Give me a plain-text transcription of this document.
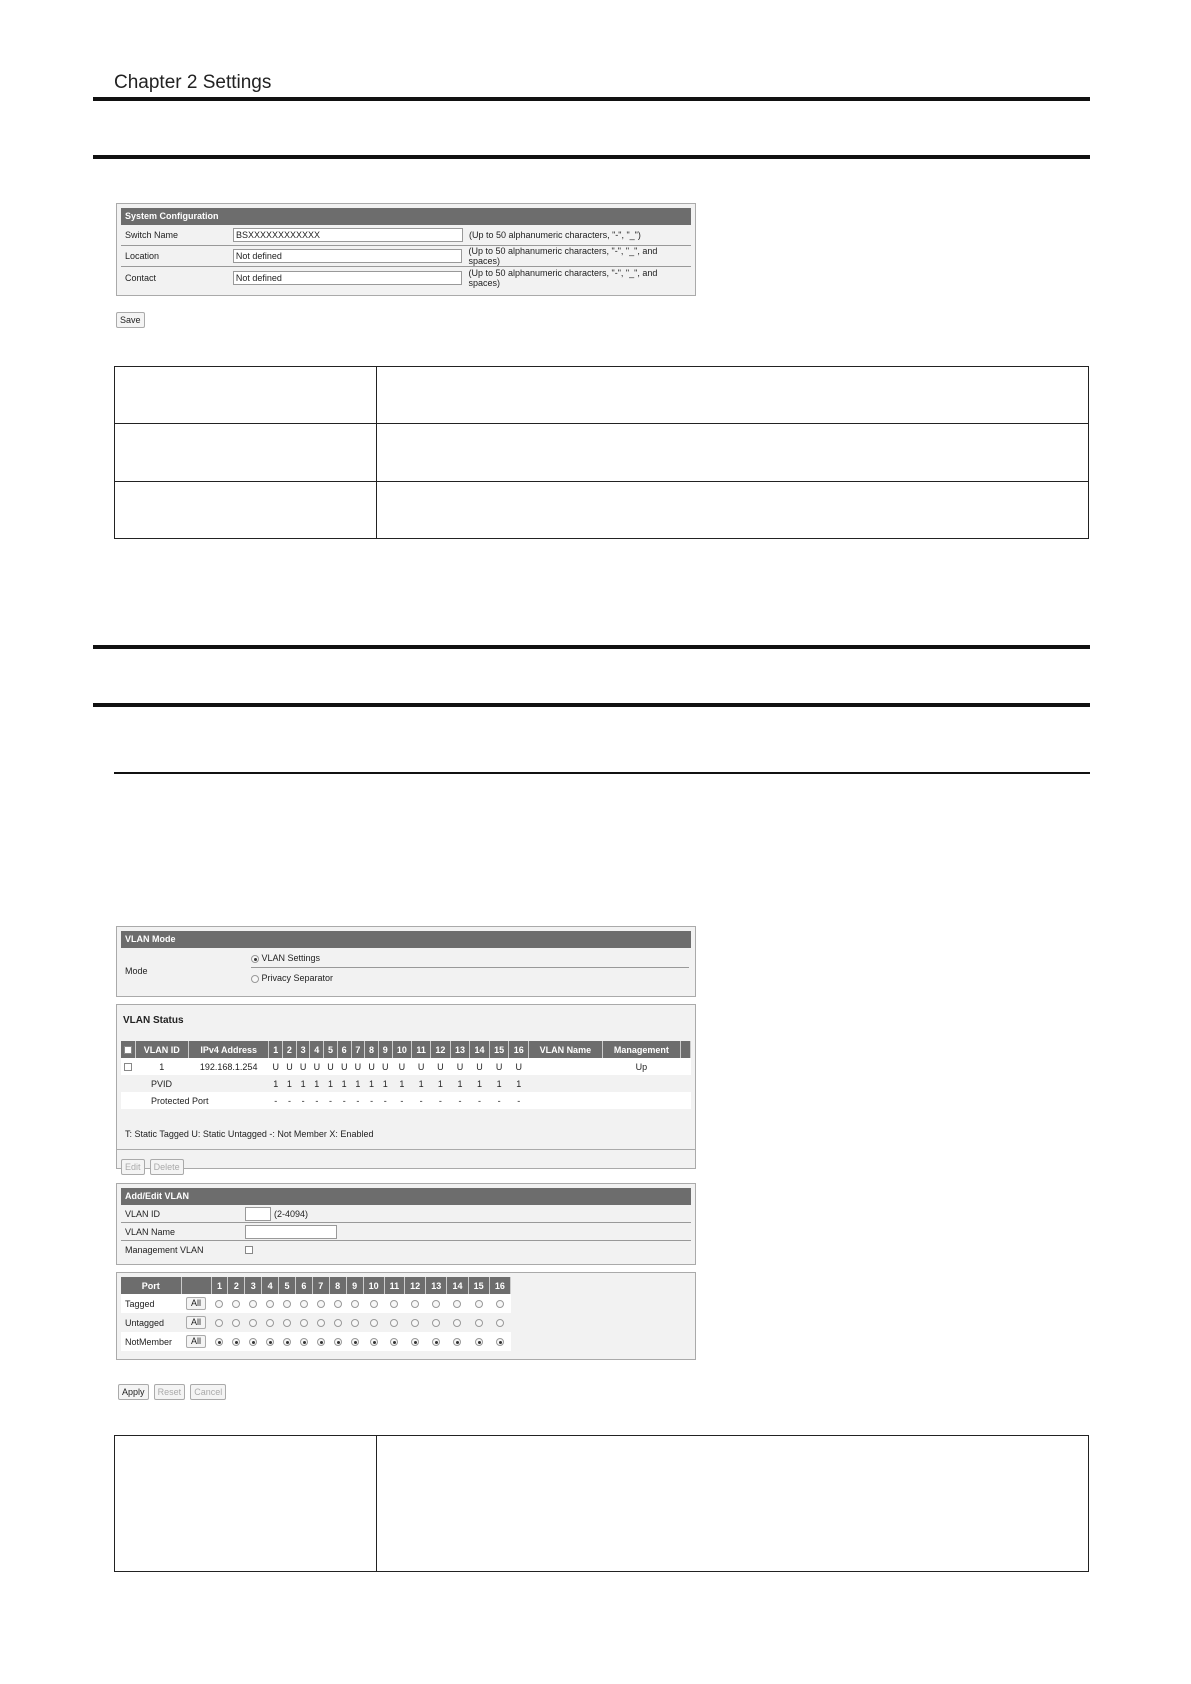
Chapter 2 Settings
System Configuration
Switch Name	BSXXXXXXXXXXXX	(Up to 50 alphanumeric characters, "-", "_")
Location	Not defined	(Up to 50 alphanumeric characters, "-", "_", and spaces)
Contact	Not defined	(Up to 50 alphanumeric characters, "-", "_", and spaces)
Save

VLAN Mode
Mode
VLAN Settings
Privacy Separator
VLAN Status
	VLAN ID	IPv4 Address	1	2	3	4	5	6	7	8	9	10	11	12	13	14	15	16	VLAN Name	Management	
	1	192.168.1.254	U	U	U	U	U	U	U	U	U	U	U	U	U	U	U	U		Up	
	PVID		1	1	1	1	1	1	1	1	1	1	1	1	1	1	1	1			
	Protected Port		-	-	-	-	-	-	-	-	-	-	-	-	-	-	-	-			
T: Static Tagged U: Static Untagged -: Not Member X: Enabled
Edit Delete
Add/Edit VLAN
VLAN ID	(2-4094)
VLAN Name
Management VLAN
Port		1	2	3	4	5	6	7	8	9	10	11	12	13	14	15	16
Tagged	All																
Untagged	All																
NotMember	All																
Apply Reset Cancel
